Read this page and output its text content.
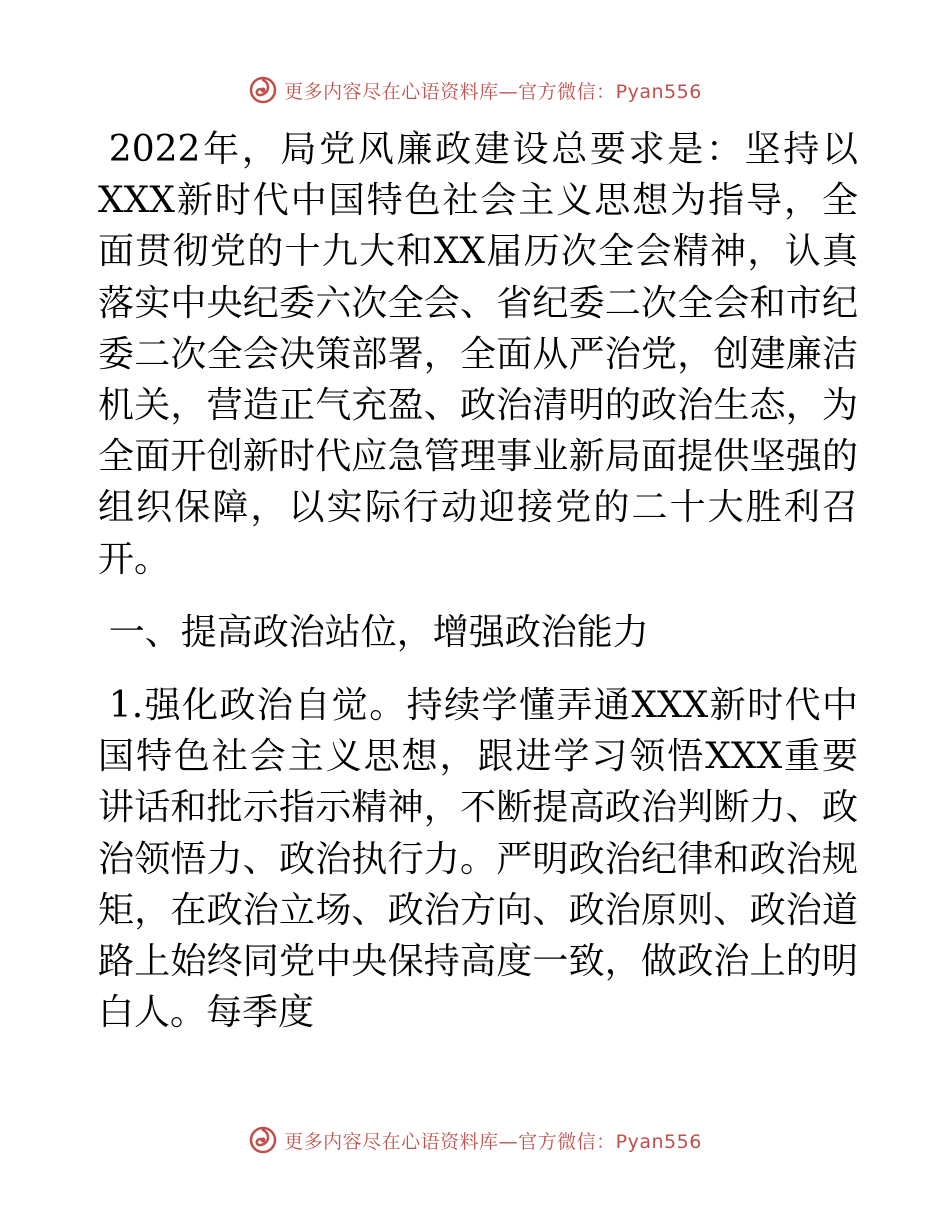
更多内容尽在心语资料库—官方微信：Pyan556

2022年，局党风廉政建设总要求是：坚持以XXX新时代中国特色社会主义思想为指导，全面贯彻党的十九大和XX届历次全会精神，认真落实中央纪委六次全会、省纪委二次全会和市纪委二次全会决策部署，全面从严治党，创建廉洁机关，营造正气充盈、政治清明的政治生态，为全面开创新时代应急管理事业新局面提供坚强的组织保障，以实际行动迎接党的二十大胜利召开。

一、提高政治站位，增强政治能力

1.强化政治自觉。持续学懂弄通XXX新时代中国特色社会主义思想，跟进学习领悟XXX重要讲话和批示指示精神，不断提高政治判断力、政治领悟力、政治执行力。严明政治纪律和政治规矩，在政治立场、政治方向、政治原则、政治道路上始终同党中央保持高度一致，做政治上的明白人。每季度

更多内容尽在心语资料库—官方微信：Pyan556
